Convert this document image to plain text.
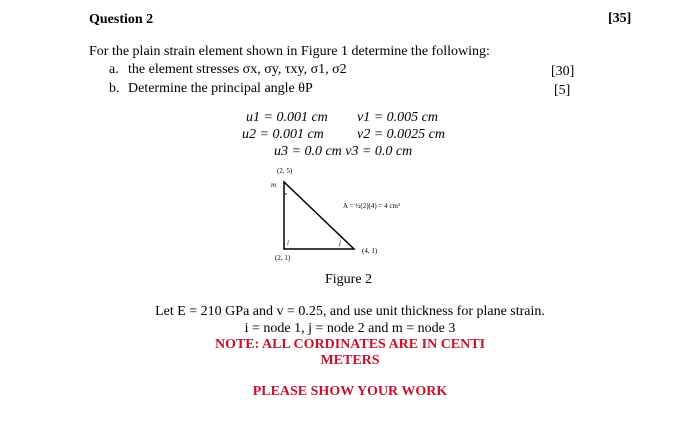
Question 2	[35]
For the plain strain element shown in Figure 1 determine the following:
a. the element stresses σx, σy, τxy, σ1, σ2	[30]
b. Determine the principal angle θP	[5]
u1 = 0.001 cm v1 = 0.005 cm
u2 = 0.001 cm v2 = 0.0025 cm
u3 = 0.0 cm v3 = 0.0 cm
(2, 5)
m
i
(2, 1)
j
(4, 1)
A = ½(2)(4) = 4 cm²
Figure 2
Let E = 210 GPa and v = 0.25, and use unit thickness for plane strain.
i = node 1, j = node 2 and m = node 3
NOTE: ALL CORDINATES ARE IN CENTI
METERS
PLEASE SHOW YOUR WORK
